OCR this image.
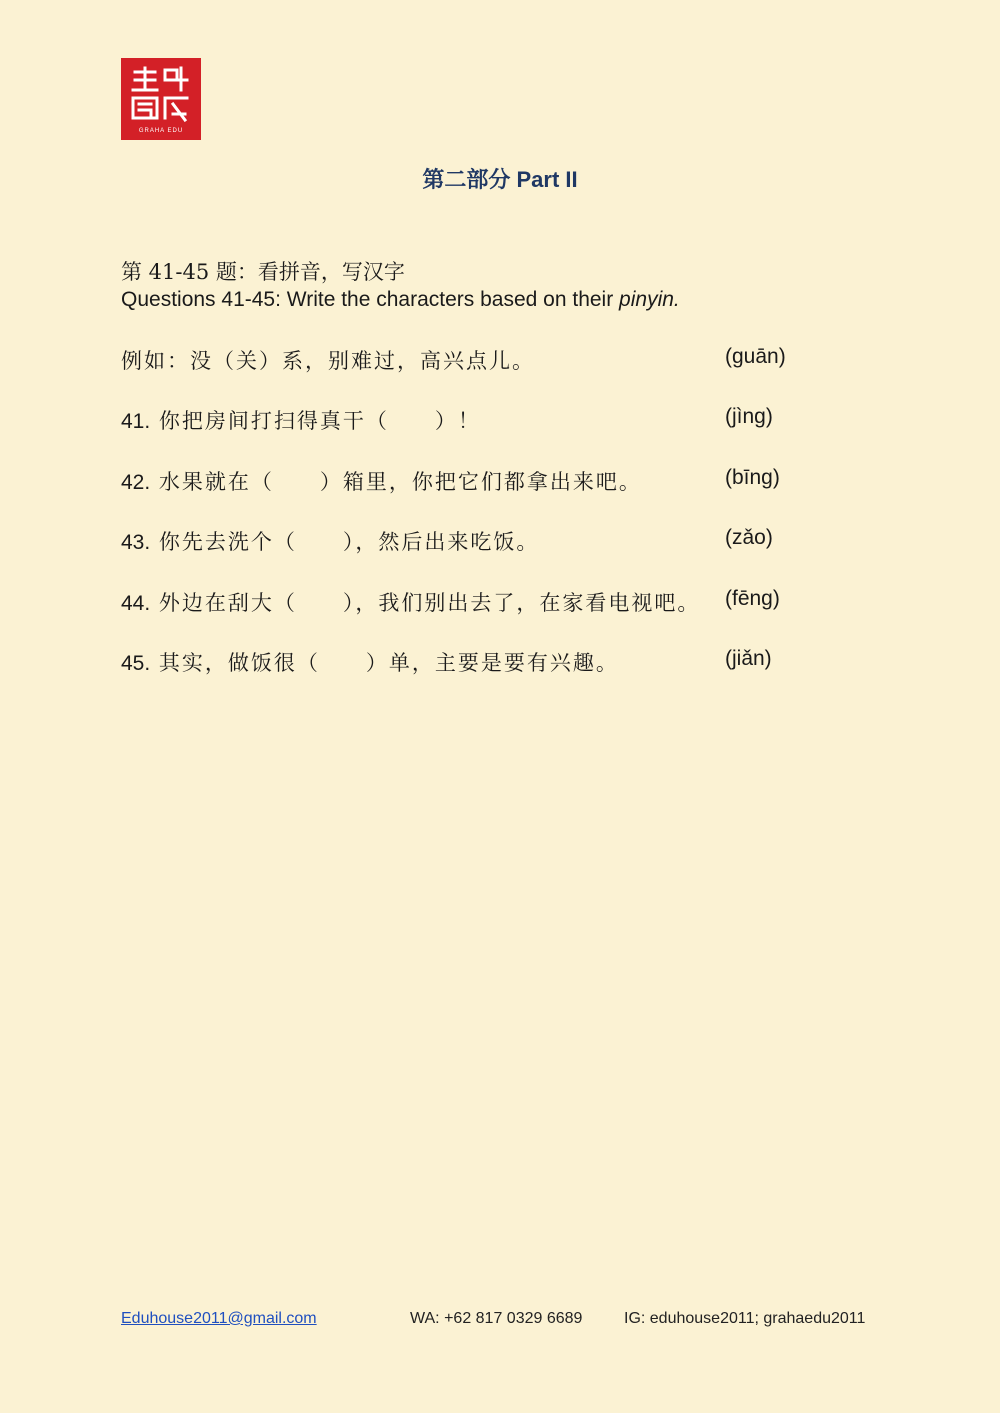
GRAHA EDU
第二部分 Part II
第 41-45 题：看拼音，写汉字
Questions 41-45: Write the characters based on their pinyin.
例如：没（关）系，别难过，高兴点儿。	(guān)
41. 你把房间打扫得真干（　　）！	(jìng)
42. 水果就在（　　）箱里，你把它们都拿出来吧。	(bīng)
43. 你先去洗个（　　），然后出来吃饭。	(zǎo)
44. 外边在刮大（　　），我们别出去了，在家看电视吧。 (fēng)
45. 其实，做饭很（　　）单，主要是要有兴趣。	(jiǎn)
Eduhouse2011@gmail.com	WA: +62 817 0329 6689	IG: eduhouse2011; grahaedu2011
